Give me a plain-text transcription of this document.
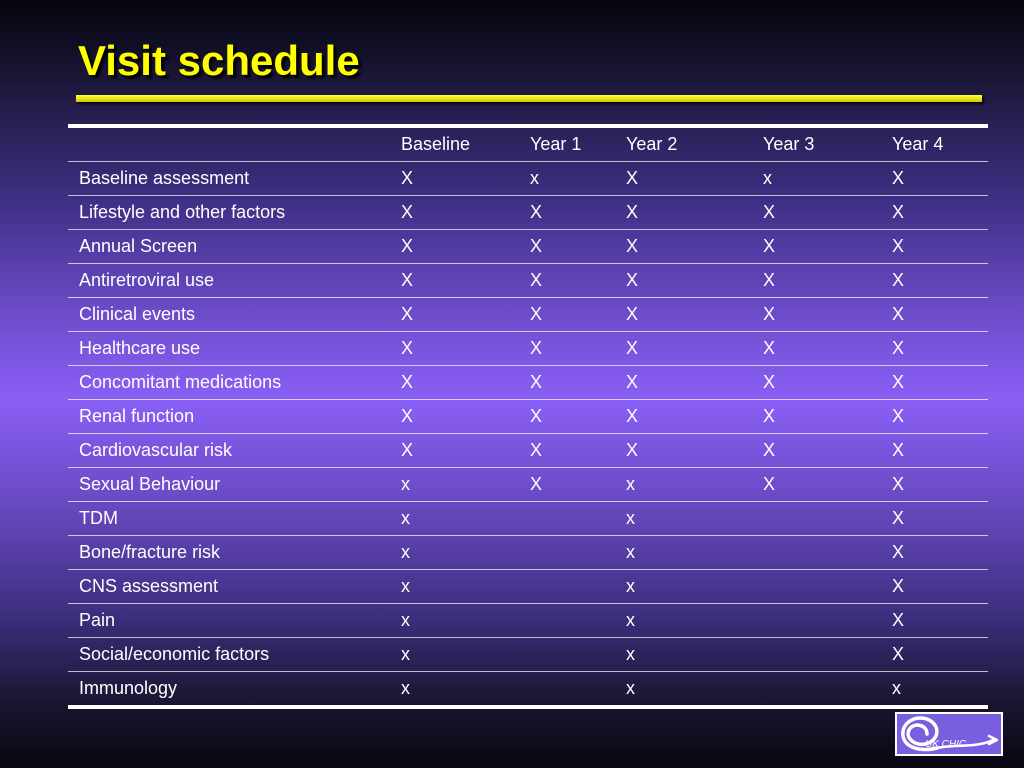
Visit schedule
	Baseline	Year 1	Year 2	Year 3	Year 4
Baseline assessment	X	x	X	x	X
Lifestyle and other factors	X	X	X	X	X
Annual Screen	X	X	X	X	X
Antiretroviral use	X	X	X	X	X
Clinical events	X	X	X	X	X
Healthcare use	X	X	X	X	X
Concomitant medications	X	X	X	X	X
Renal function	X	X	X	X	X
Cardiovascular risk	X	X	X	X	X
Sexual Behaviour	x	X	x	X	X
TDM	x		x		X
Bone/fracture risk	x		x		X
CNS assessment	x		x		X
Pain	x		x		X
Social/economic factors	x		x		X
Immunology	x		x		x
UK CHIC
